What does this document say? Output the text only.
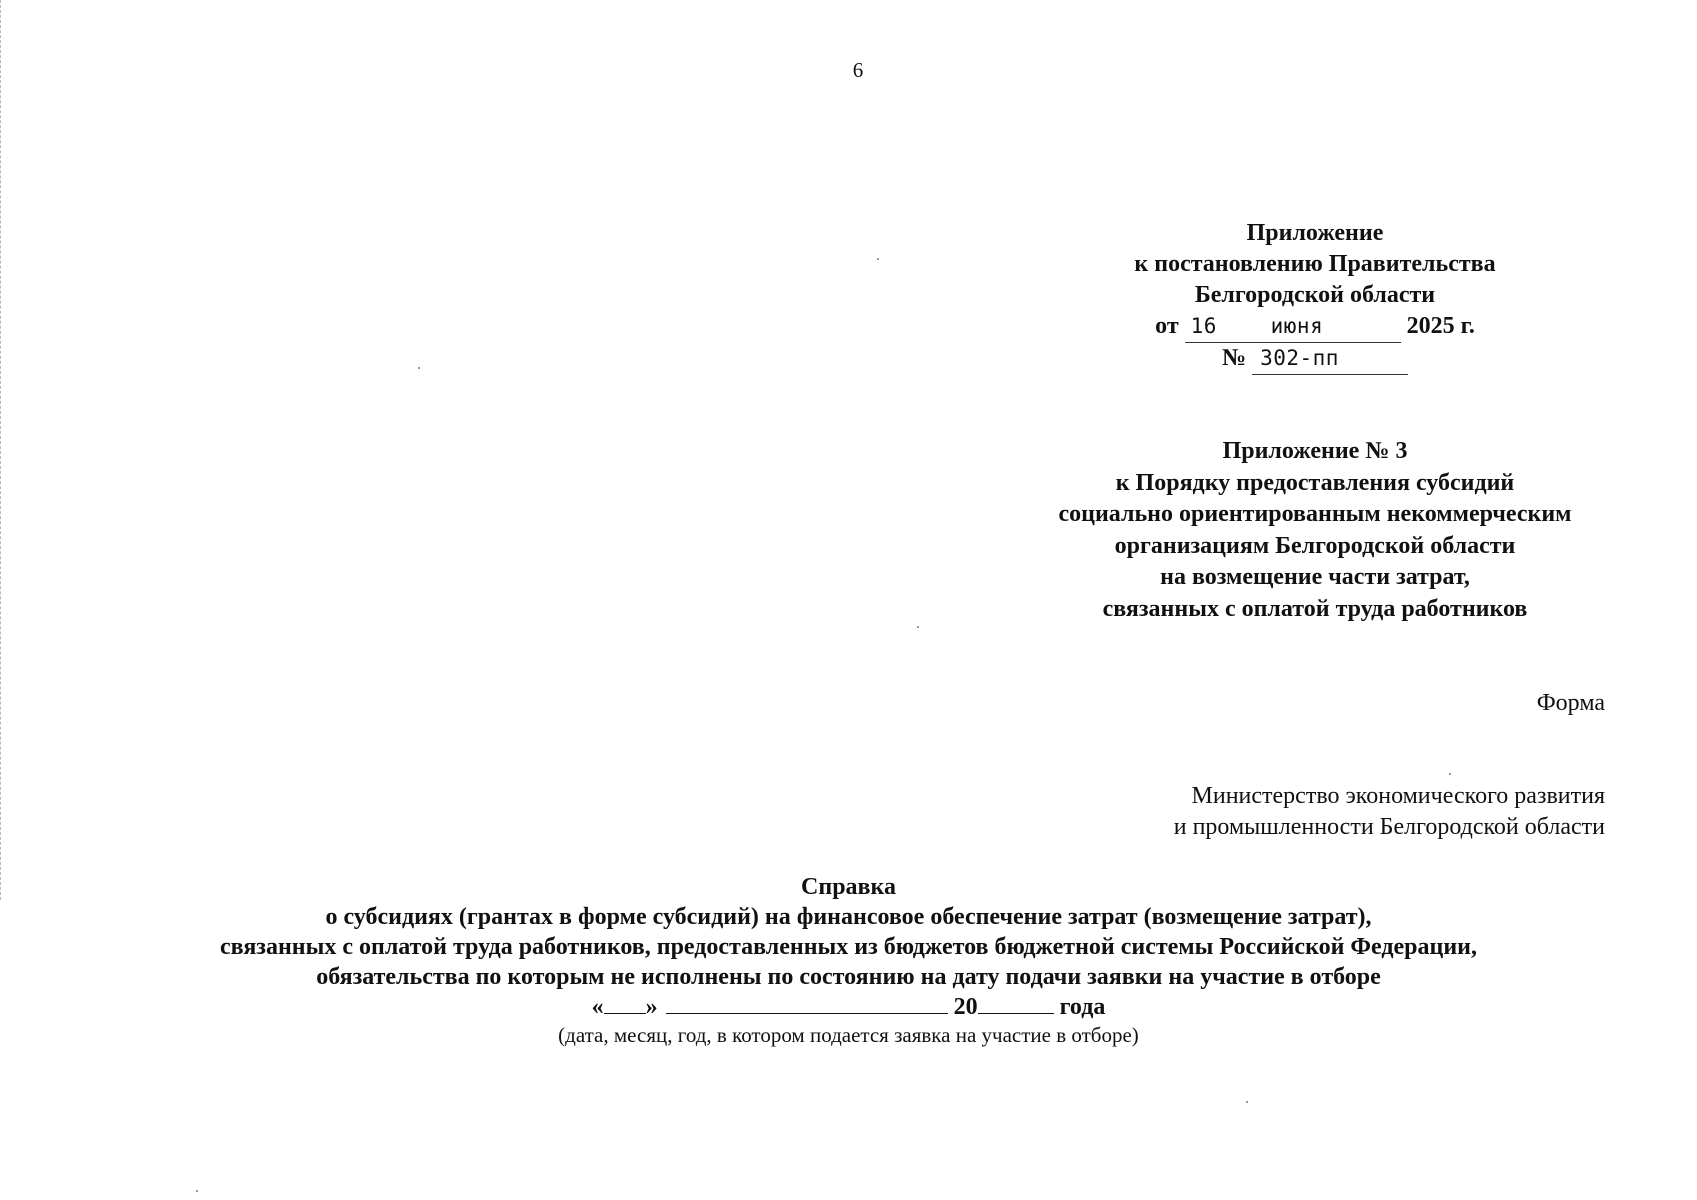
6
Приложение
к постановлению Правительства
Белгородской области
от 16	июня	2025 г.
№ 302-пп
Приложение № 3
к Порядку предоставления субсидий
социально ориентированным некоммерческим
организациям Белгородской области
на возмещение части затрат,
связанных с оплатой труда работников
Форма
Министерство экономического развития
и промышленности Белгородской области
Справка
о субсидиях (грантах в форме субсидий) на финансовое обеспечение затрат (возмещение затрат),
связанных с оплатой труда работников, предоставленных из бюджетов бюджетной системы Российской Федерации,
обязательства по которым не исполнены по состоянию на дату подачи заявки на участие в отборе
« »	20	года
(дата, месяц, год, в котором подается заявка на участие в отборе)
